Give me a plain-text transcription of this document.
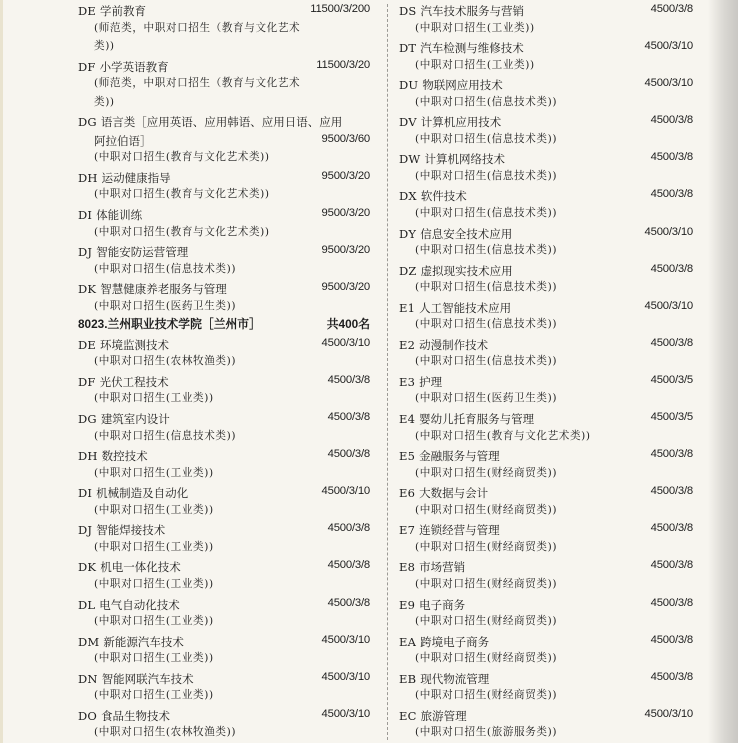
DE 学前教育	11500/3/200
(师范类，中职对口招生（教育与文化艺术
类))
DF 小学英语教育	11500/3/20
(师范类，中职对口招生（教育与文化艺术
类))
DG 语言类［应用英语、应用韩语、应用日语、应用
阿拉伯语］	9500/3/60
(中职对口招生(教育与文化艺术类))
DH 运动健康指导	9500/3/20
(中职对口招生(教育与文化艺术类))
DI 体能训练	9500/3/20
(中职对口招生(教育与文化艺术类))
DJ 智能安防运营管理	9500/3/20
(中职对口招生(信息技术类))
DK 智慧健康养老服务与管理	9500/3/20
(中职对口招生(医药卫生类))
8023.兰州职业技术学院［兰州市］	共400名
DE 环境监测技术	4500/3/10
(中职对口招生(农林牧渔类))
DF 光伏工程技术	4500/3/8
(中职对口招生(工业类))
DG 建筑室内设计	4500/3/8
(中职对口招生(信息技术类))
DH 数控技术	4500/3/8
(中职对口招生(工业类))
DI 机械制造及自动化	4500/3/10
(中职对口招生(工业类))
DJ 智能焊接技术	4500/3/8
(中职对口招生(工业类))
DK 机电一体化技术	4500/3/8
(中职对口招生(工业类))
DL 电气自动化技术	4500/3/8
(中职对口招生(工业类))
DM 新能源汽车技术	4500/3/10
(中职对口招生(工业类))
DN 智能网联汽车技术	4500/3/10
(中职对口招生(工业类))
DO 食品生物技术	4500/3/10
(中职对口招生(农林牧渔类))
DS 汽车技术服务与营销	4500/3/8
(中职对口招生(工业类))
DT 汽车检测与维修技术	4500/3/10
(中职对口招生(工业类))
DU 物联网应用技术	4500/3/10
(中职对口招生(信息技术类))
DV 计算机应用技术	4500/3/8
(中职对口招生(信息技术类))
DW 计算机网络技术	4500/3/8
(中职对口招生(信息技术类))
DX 软件技术	4500/3/8
(中职对口招生(信息技术类))
DY 信息安全技术应用	4500/3/10
(中职对口招生(信息技术类))
DZ 虚拟现实技术应用	4500/3/8
(中职对口招生(信息技术类))
E1 人工智能技术应用	4500/3/10
(中职对口招生(信息技术类))
E2 动漫制作技术	4500/3/8
(中职对口招生(信息技术类))
E3 护理	4500/3/5
(中职对口招生(医药卫生类))
E4 婴幼儿托育服务与管理	4500/3/5
(中职对口招生(教育与文化艺术类))
E5 金融服务与管理	4500/3/8
(中职对口招生(财经商贸类))
E6 大数据与会计	4500/3/8
(中职对口招生(财经商贸类))
E7 连锁经营与管理	4500/3/8
(中职对口招生(财经商贸类))
E8 市场营销	4500/3/8
(中职对口招生(财经商贸类))
E9 电子商务	4500/3/8
(中职对口招生(财经商贸类))
EA 跨境电子商务	4500/3/8
(中职对口招生(财经商贸类))
EB 现代物流管理	4500/3/8
(中职对口招生(财经商贸类))
EC 旅游管理	4500/3/10
(中职对口招生(旅游服务类))
